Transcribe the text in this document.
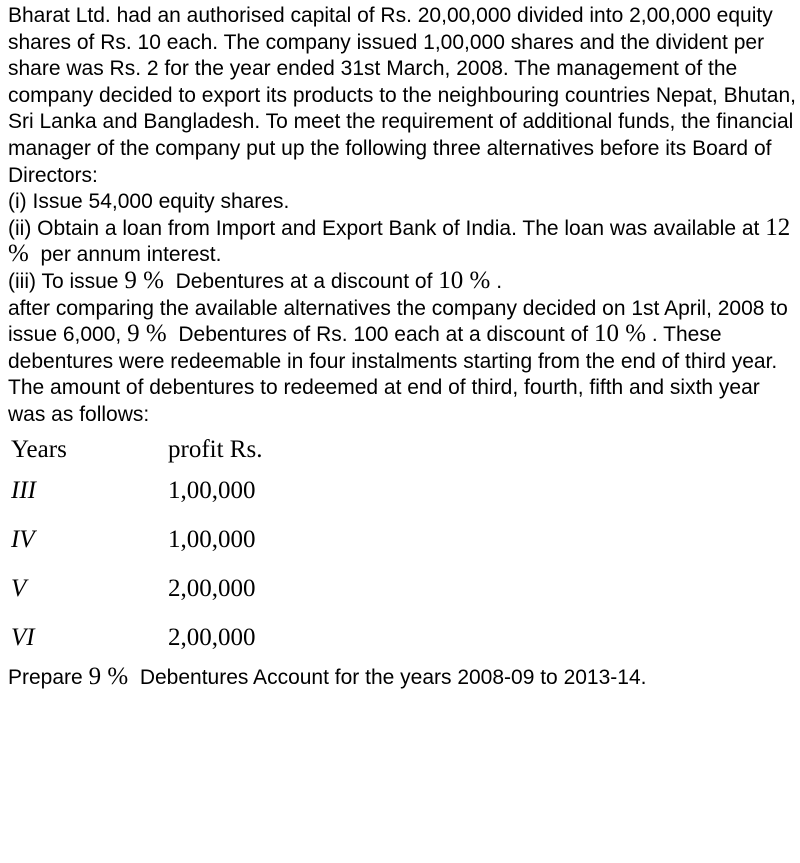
Bharat Ltd. had an authorised capital of Rs. 20,00,000 divided into 2,00,000 equity shares of Rs. 10 each. The company issued 1,00,000 shares and the divident per share was Rs. 2 for the year ended 31st March, 2008. The management of the company decided to export its products to the neighbouring countries Nepat, Bhutan, Sri Lanka and Bangladesh. To meet the requirement of additional funds, the financial manager of the company put up the following three alternatives before its Board of Directors:

(i) Issue 54,000 equity shares.

(ii) Obtain a loan from Import and Export Bank of India. The loan was available at 12 % per annum interest.

(iii) To issue 9 % Debentures at a discount of 10 % .

after comparing the available alternatives the company decided on 1st April, 2008 to issue 6,000, 9 % Debentures of Rs. 100 each at a discount of 10 % . These debentures were redeemable in four instalments starting from the end of third year. The amount of debentures to redeemed at end of third, fourth, fifth and sixth year was as follows:

Years	profit Rs.
III	1,00,000
IV	1,00,000
V	2,00,000
VI	2,00,000

Prepare 9 % Debentures Account for the years 2008-09 to 2013-14.
